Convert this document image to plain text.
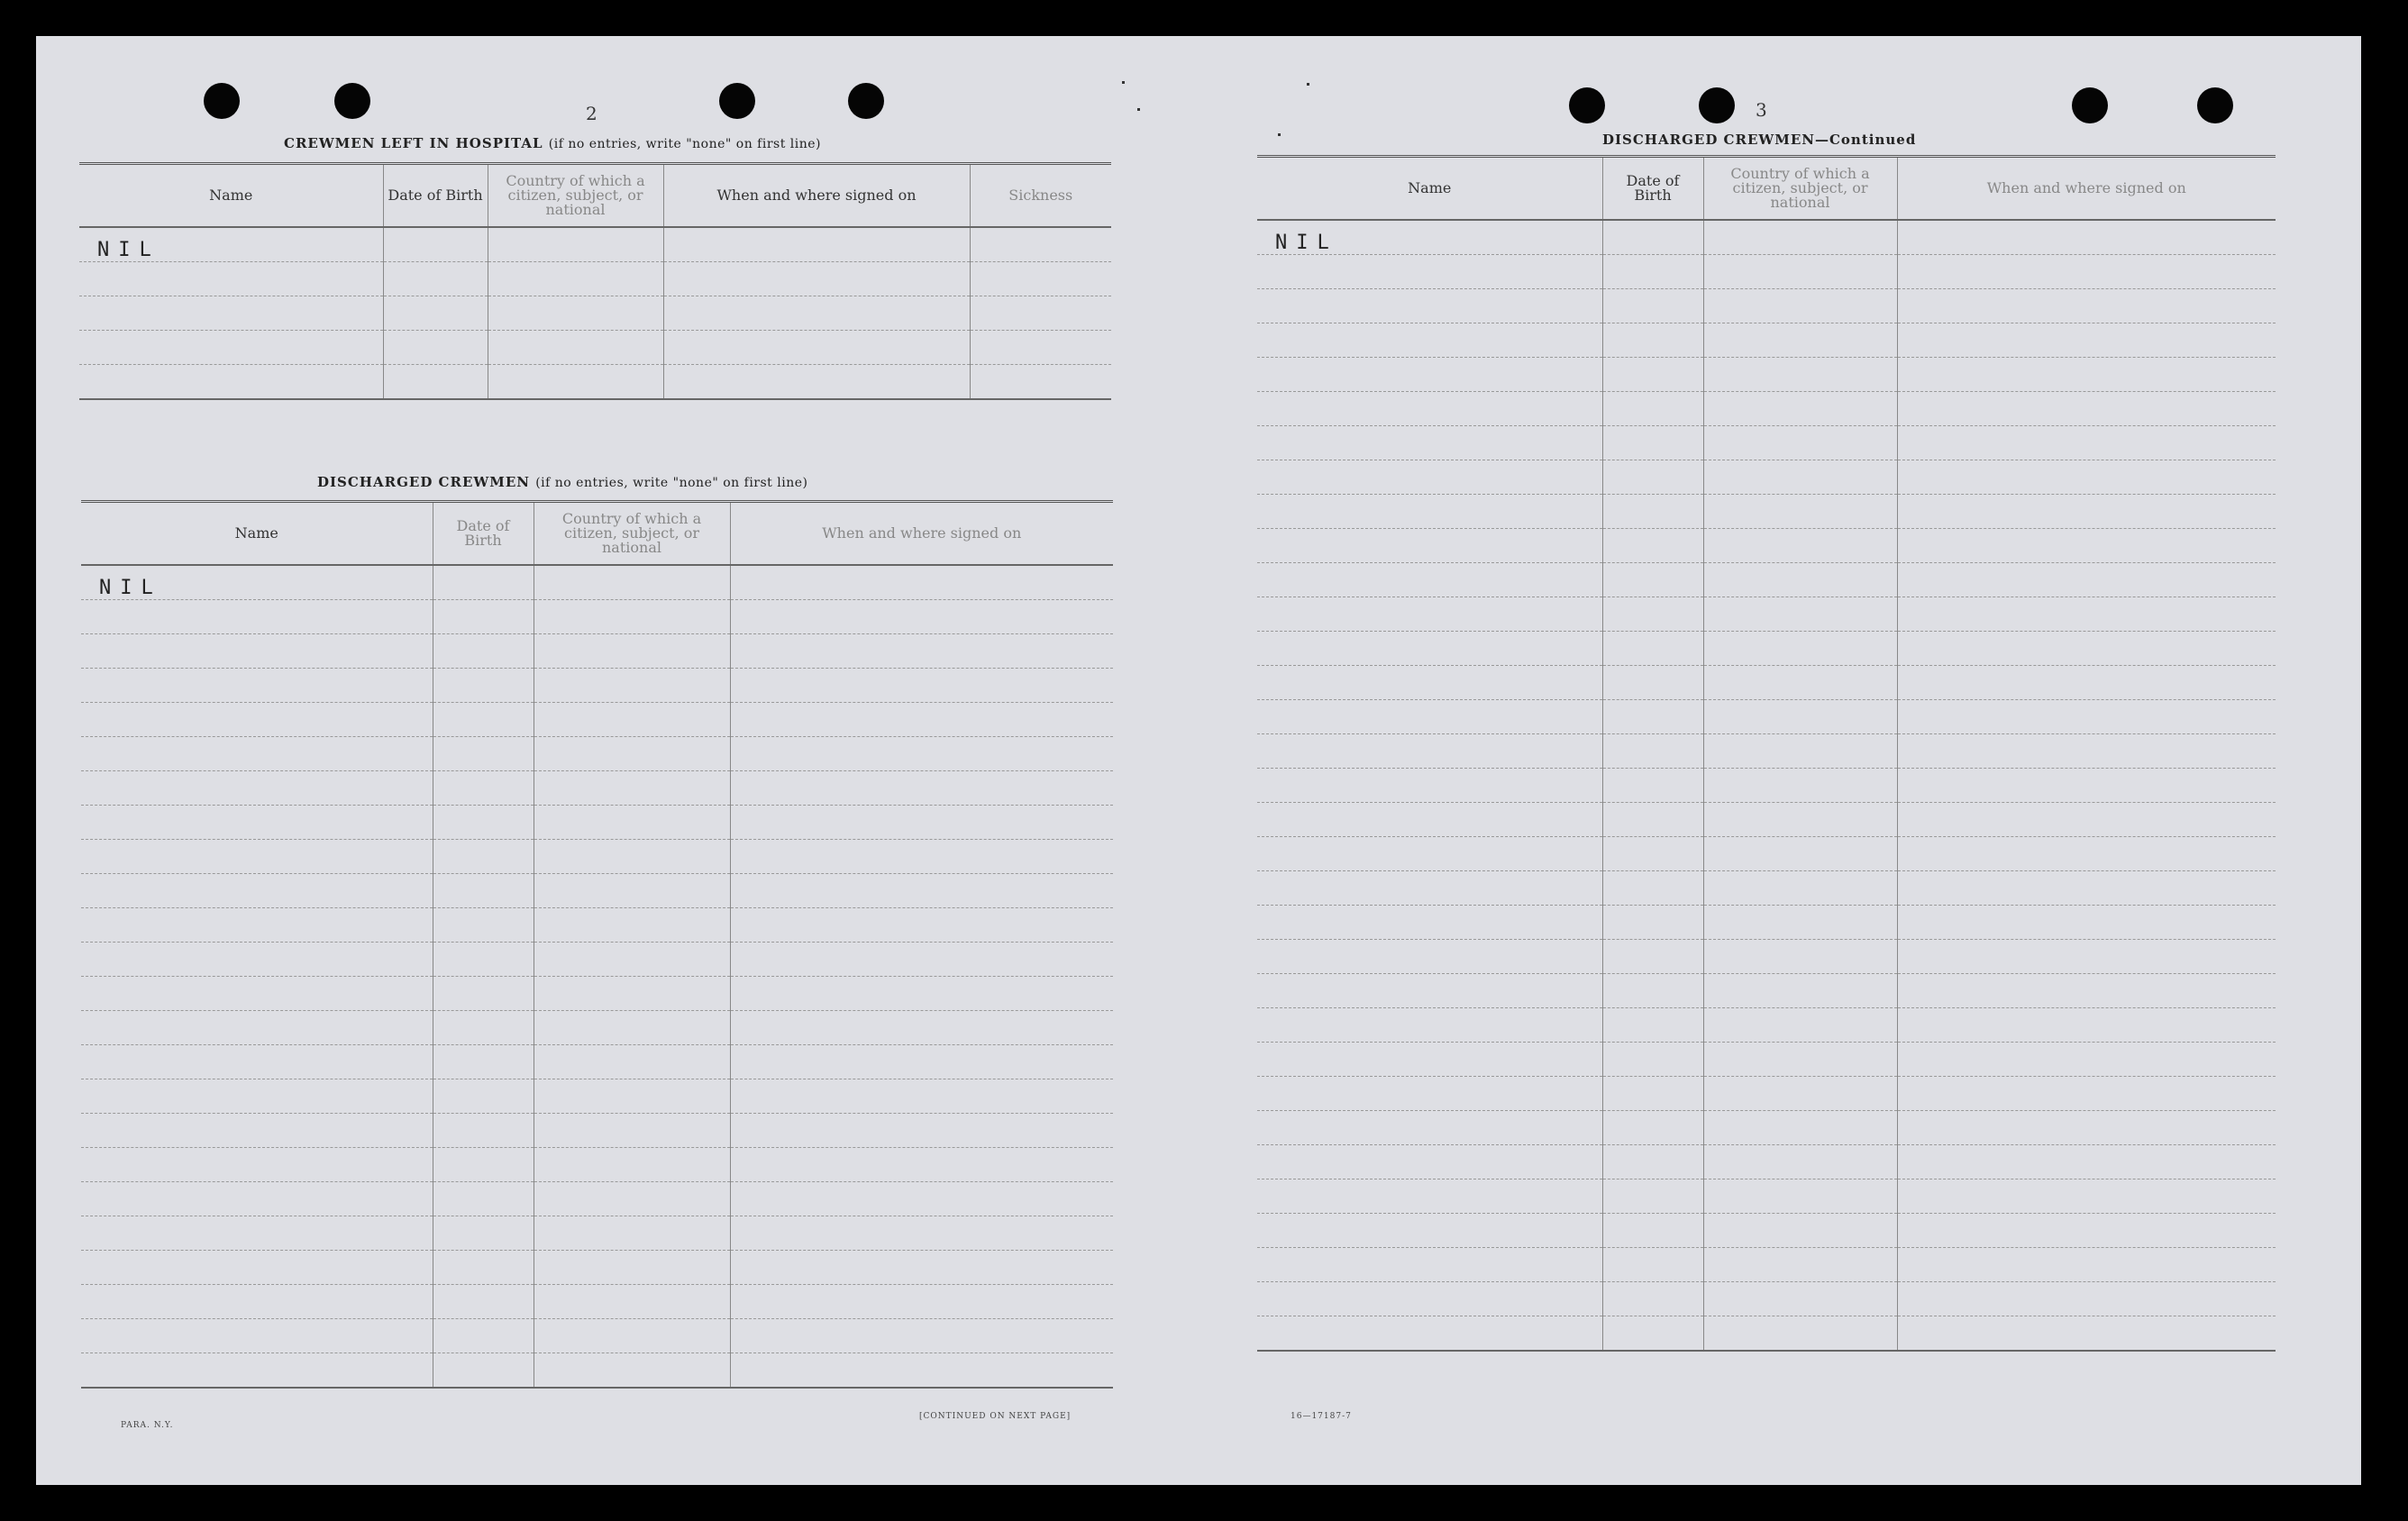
2
CREWMEN LEFT IN HOSPITAL (if no entries, write "none" on first line)
Name	Date of Birth	Country of which a citizen, subject, or national	When and where signed on	Sickness
NIL				

DISCHARGED CREWMEN (if no entries, write "none" on first line)
Name	Date of Birth	Country of which a citizen, subject, or national	When and where signed on
NIL			

PARA. N.Y.
[CONTINUED ON NEXT PAGE]
3
DISCHARGED CREWMEN—Continued
Name	Date of Birth	Country of which a citizen, subject, or national	When and where signed on
NIL			

16—17187-7
